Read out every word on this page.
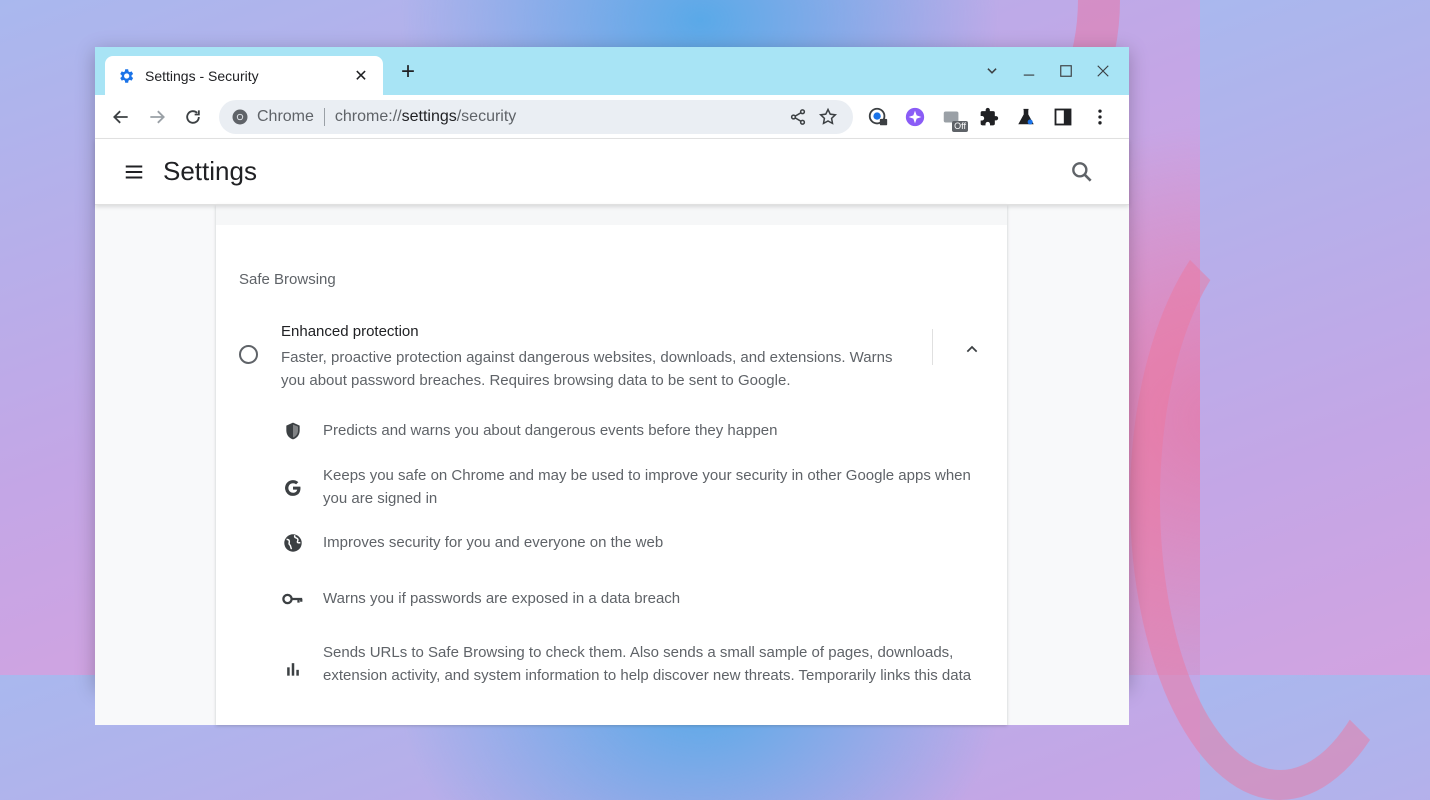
Settings - Security	✕ +
Chrome chrome://settings/security
Off
Settings
Safe Browsing
Enhanced protection
Faster, proactive protection against dangerous websites, downloads, and extensions. Warns you about password breaches. Requires browsing data to be sent to Google.
Predicts and warns you about dangerous events before they happen
Keeps you safe on Chrome and may be used to improve your security in other Google apps when you are signed in
Improves security for you and everyone on the web
Warns you if passwords are exposed in a data breach
Sends URLs to Safe Browsing to check them. Also sends a small sample of pages, downloads, extension activity, and system information to help discover new threats. Temporarily links this data
